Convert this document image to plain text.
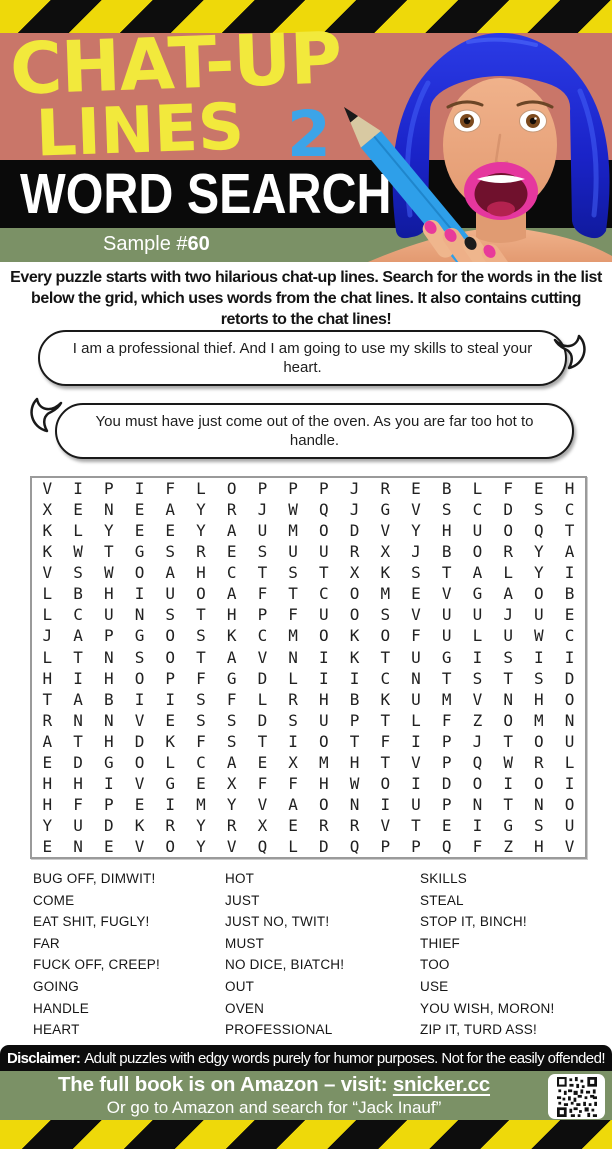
CHAT-UP
LINES 2
WORD SEARCH
Sample #60
Every puzzle starts with two hilarious chat-up lines. Search for the words in the list below the grid, which uses words from the chat lines. It also contains cutting retorts to the chat lines!
I am a professional thief. And I am going to use my skills to steal your heart.
You must have just come out of the oven. As you are far too hot to handle.
V	I	P	I	F	L	O	P	P	P	J	R	E	B	L	F	E	H
X	E	N	E	A	Y	R	J	W	Q	J	G	V	S	C	D	S	C
K	L	Y	E	E	Y	A	U	M	O	D	V	Y	H	U	O	Q	T
K	W	T	G	S	R	E	S	U	U	R	X	J	B	O	R	Y	A
V	S	W	O	A	H	C	T	S	T	X	K	S	T	A	L	Y	I
L	B	H	I	U	O	A	F	T	C	O	M	E	V	G	A	O	B
L	C	U	N	S	T	H	P	F	U	O	S	V	U	U	J	U	E
J	A	P	G	O	S	K	C	M	O	K	O	F	U	L	U	W	C
L	T	N	S	O	T	A	V	N	I	K	T	U	G	I	S	I	I
H	I	H	O	P	F	G	D	L	I	I	C	N	T	S	T	S	D
T	A	B	I	I	S	F	L	R	H	B	K	U	M	V	N	H	O
R	N	N	V	E	S	S	D	S	U	P	T	L	F	Z	O	M	N
A	T	H	D	K	F	S	T	I	O	T	F	I	P	J	T	O	U
E	D	G	O	L	C	A	E	X	M	H	T	V	P	Q	W	R	L
H	H	I	V	G	E	X	F	F	H	W	O	I	D	O	I	O	I
H	F	P	E	I	M	Y	V	A	O	N	I	U	P	N	T	N	O
Y	U	D	K	R	Y	R	X	E	R	R	V	T	E	I	G	S	U
E	N	E	V	O	Y	V	Q	L	D	Q	P	P	Q	F	Z	H	V
BUG OFF, DIMWIT!
COME
EAT SHIT, FUGLY!
FAR
FUCK OFF, CREEP!
GOING
HANDLE
HEART
HOT
JUST
JUST NO, TWIT!
MUST
NO DICE, BIATCH!
OUT
OVEN
PROFESSIONAL
SKILLS
STEAL
STOP IT, BINCH!
THIEF
TOO
USE
YOU WISH, MORON!
ZIP IT, TURD ASS!
Disclaimer: Adult puzzles with edgy words purely for humor purposes. Not for the easily offended!
The full book is on Amazon – visit: snicker.cc
Or go to Amazon and search for “Jack Inauf”
